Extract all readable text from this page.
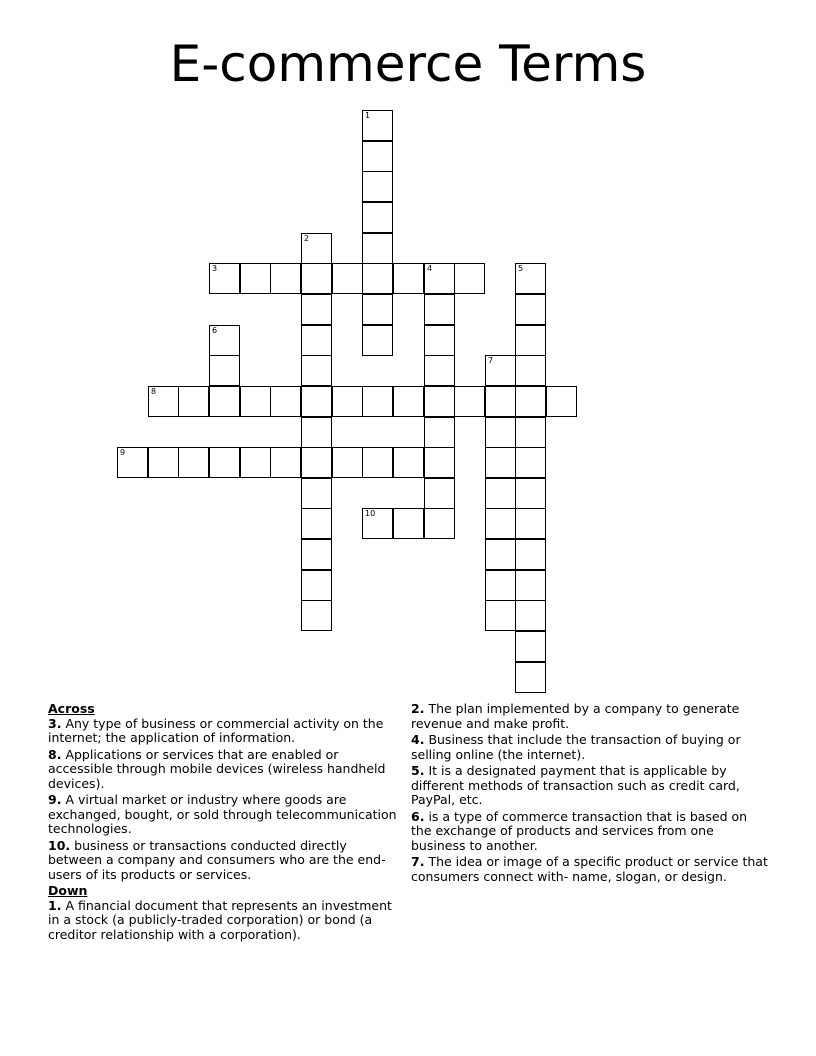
E-commerce Terms
1
2
3	4	5
6
7
8
9
10
Across
3. Any type of business or commercial activity on the internet; the application of information.
8. Applications or services that are enabled or accessible through mobile devices (wireless handheld devices).
9. A virtual market or industry where goods are exchanged, bought, or sold through telecommunication technologies.
10. business or transactions conducted directly between a company and consumers who are the end-users of its products or services.
Down
1. A financial document that represents an investment in a stock (a publicly-traded corporation) or bond (a creditor relationship with a corporation).
2. The plan implemented by a company to generate revenue and make profit.
4. Business that include the transaction of buying or selling online (the internet).
5. It is a designated payment that is applicable by different methods of transaction such as credit card, PayPal, etc.
6. is a type of commerce transaction that is based on the exchange of products and services from one business to another.
7. The idea or image of a specific product or service that consumers connect with- name, slogan, or design.
